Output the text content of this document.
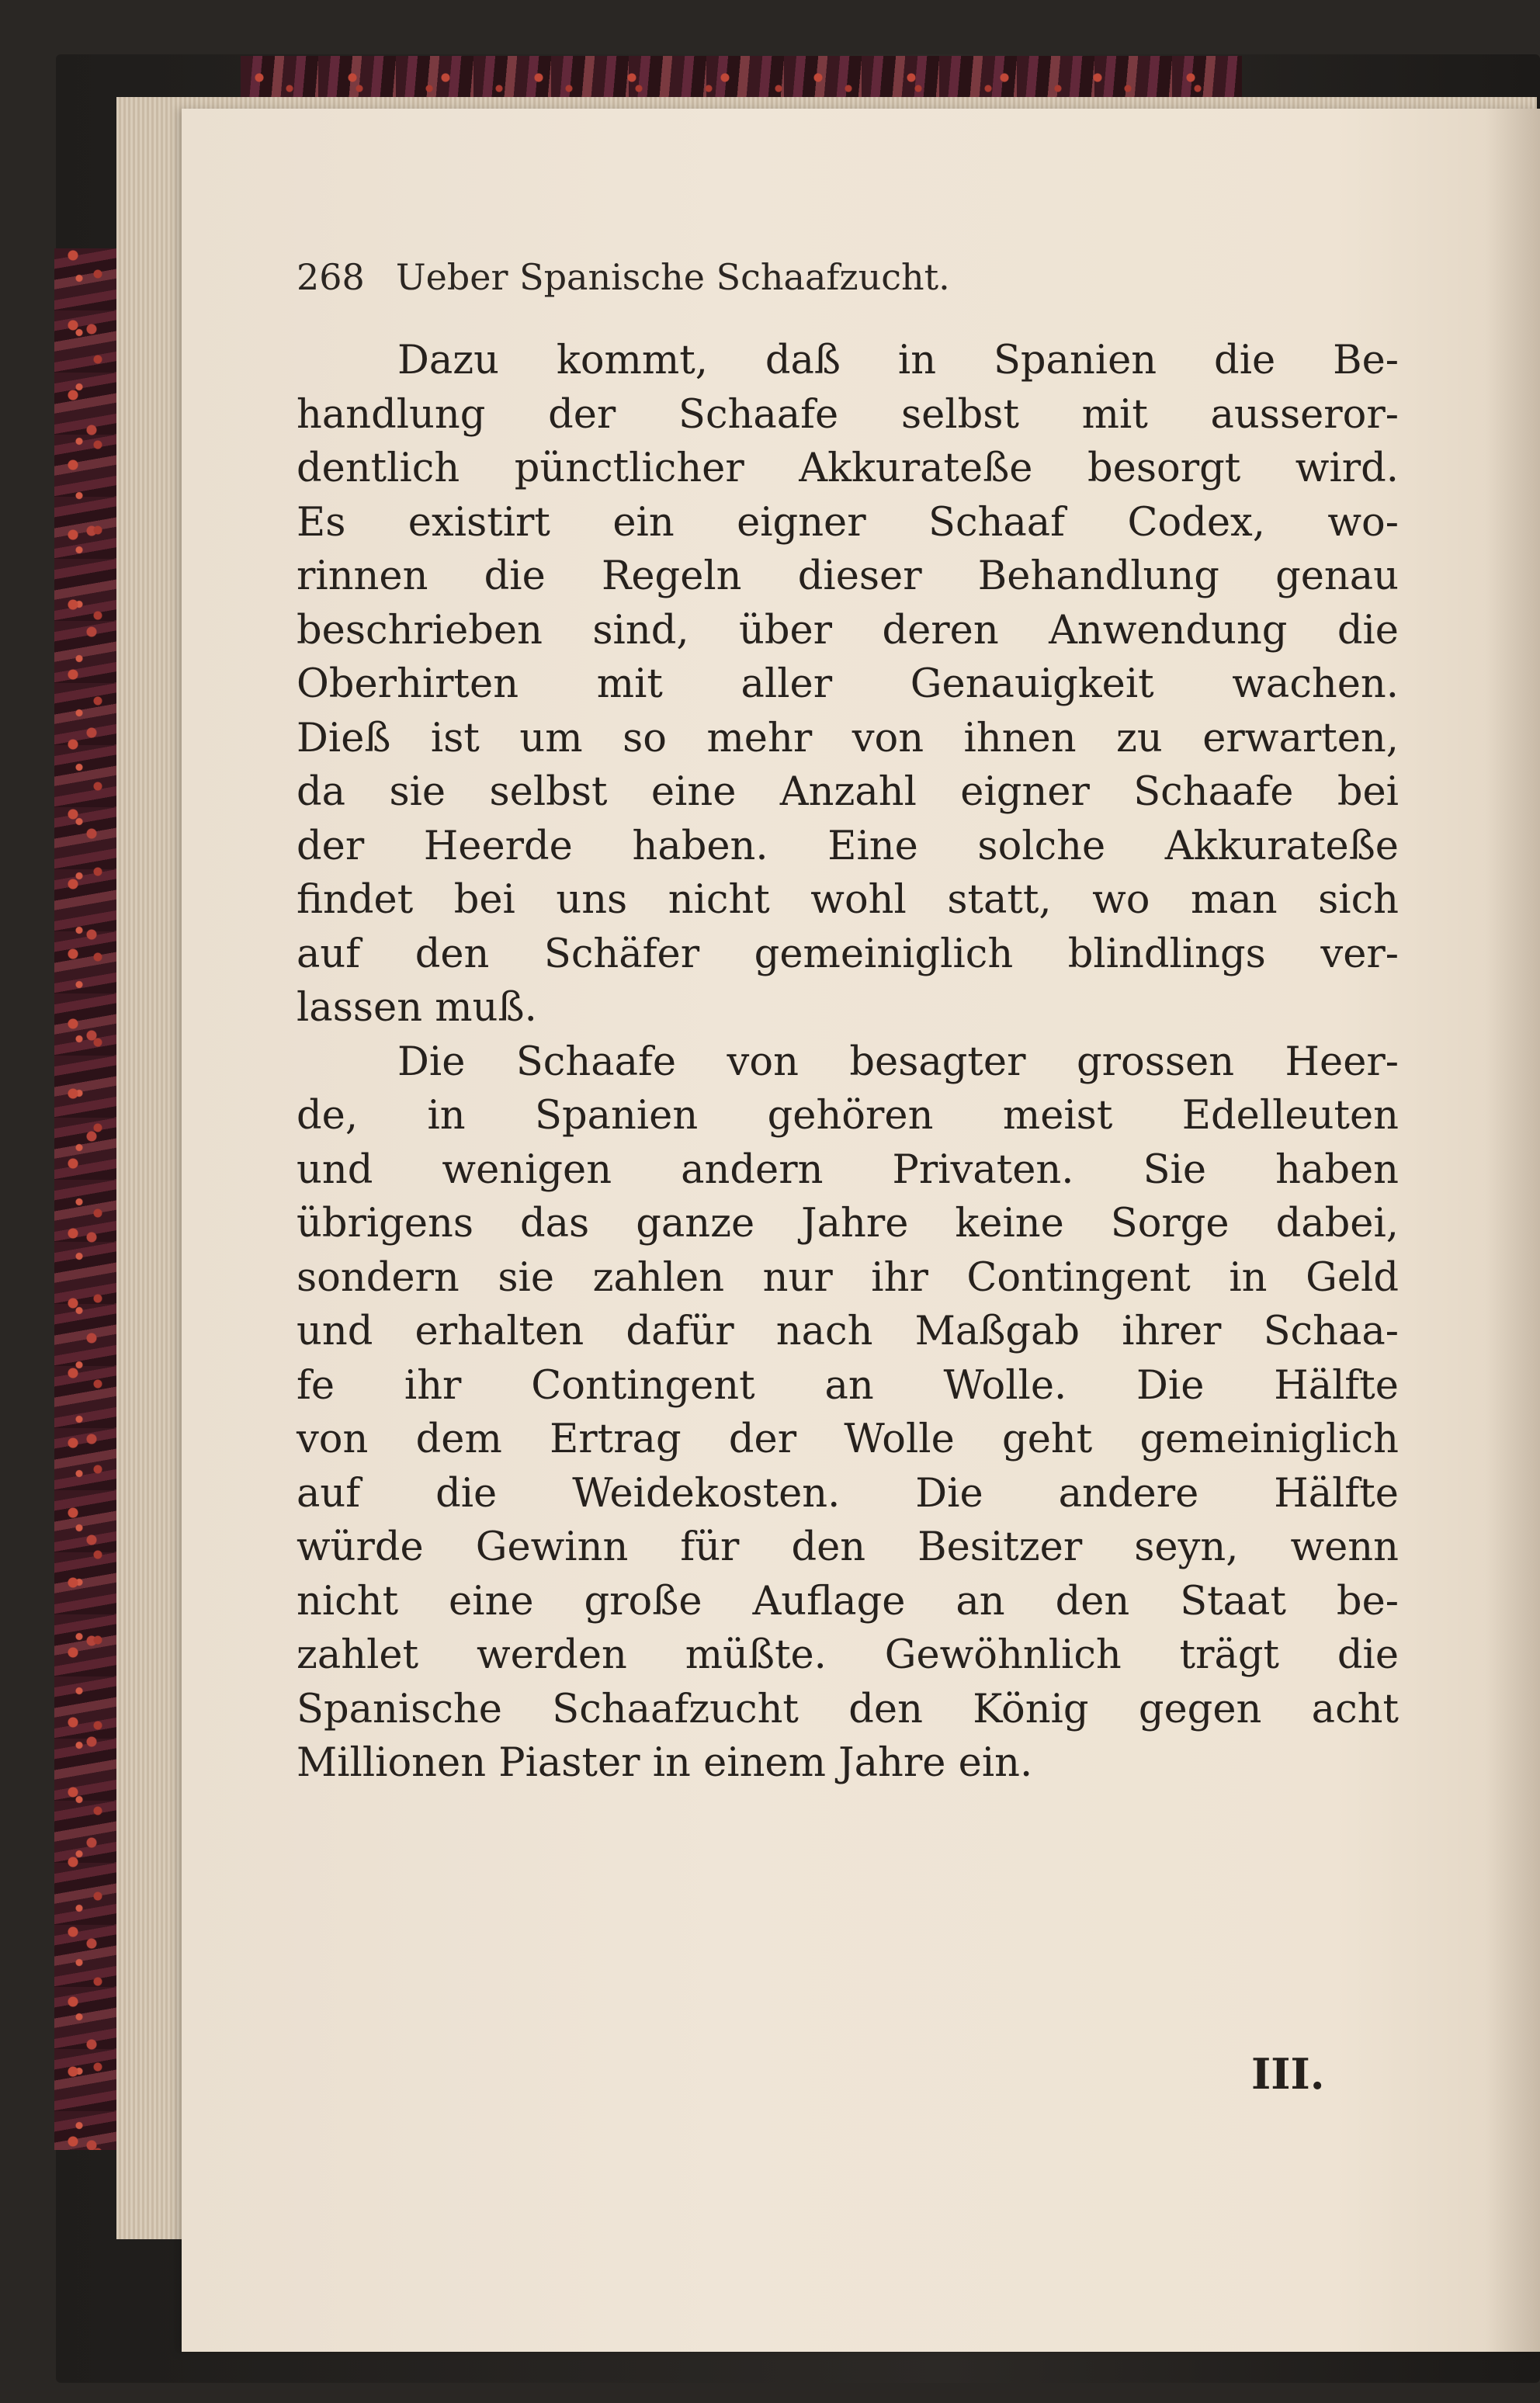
268 Ueber Spanische Schaafzucht.
Dazu kommt, daß in Spanien die Be-
handlung der Schaafe selbst mit ausseror-
dentlich pünctlicher Akkurateße besorgt wird.
Es existirt ein eigner Schaaf Codex, wo-
rinnen die Regeln dieser Behandlung genau
beschrieben sind, über deren Anwendung die
Oberhirten mit aller Genauigkeit wachen.
Dieß ist um so mehr von ihnen zu erwarten,
da sie selbst eine Anzahl eigner Schaafe bei
der Heerde haben. Eine solche Akkurateße
findet bei uns nicht wohl statt, wo man sich
auf den Schäfer gemeiniglich blindlings ver-
lassen muß.
Die Schaafe von besagter grossen Heer-
de, in Spanien gehören meist Edelleuten
und wenigen andern Privaten. Sie haben
übrigens das ganze Jahre keine Sorge dabei,
sondern sie zahlen nur ihr Contingent in Geld
und erhalten dafür nach Maßgab ihrer Schaa-
fe ihr Contingent an Wolle. Die Hälfte
von dem Ertrag der Wolle geht gemeiniglich
auf die Weidekosten. Die andere Hälfte
würde Gewinn für den Besitzer seyn, wenn
nicht eine große Auflage an den Staat be-
zahlet werden müßte. Gewöhnlich trägt die
Spanische Schaafzucht den König gegen acht
Millionen Piaster in einem Jahre ein.
III.
